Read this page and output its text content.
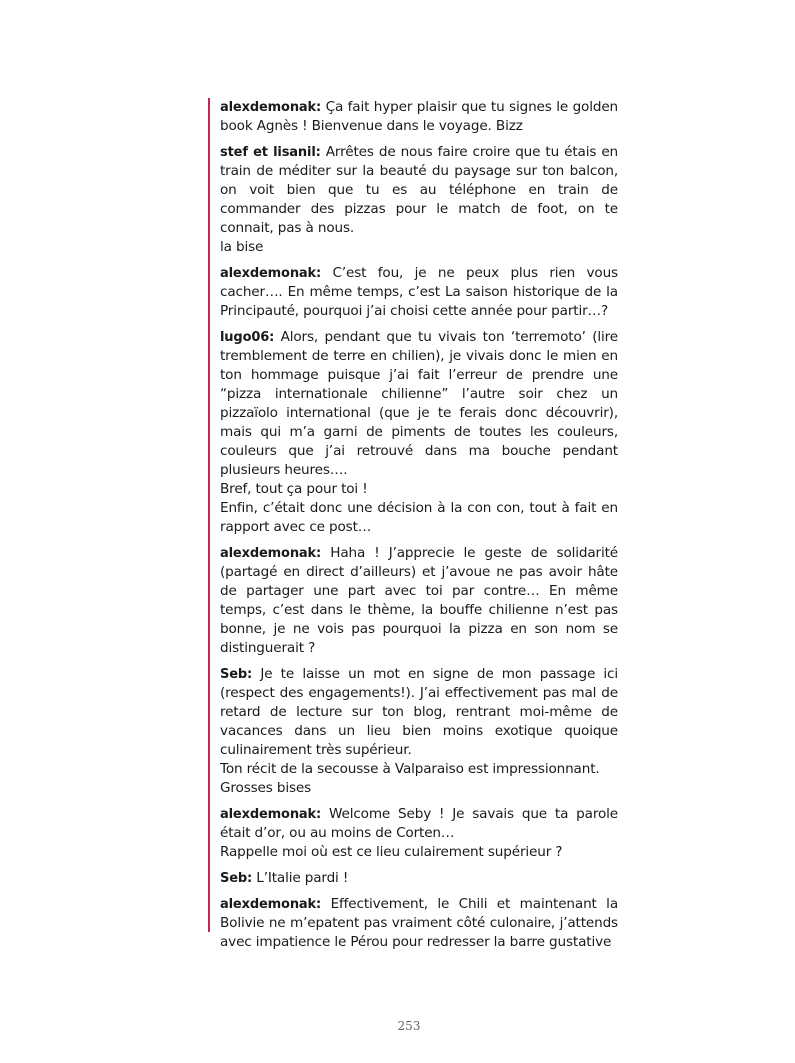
alexdemonak: Ça fait hyper plaisir que tu signes le golden book Agnès ! Bienvenue dans le voyage. Bizz

stef et lisanil: Arrêtes de nous faire croire que tu étais en train de méditer sur la beauté du paysage sur ton balcon, on voit bien que tu es au téléphone en train de commander des pizzas pour le match de foot, on te connait, pas à nous.

la bise

alexdemonak: C’est fou, je ne peux plus rien vous cacher…. En même temps, c’est La saison historique de la Principauté, pourquoi j’ai choisi cette année pour partir…?

lugo06: Alors, pendant que tu vivais ton ‘terremoto’ (lire tremblement de terre en chilien), je vivais donc le mien en ton hommage puisque j’ai fait l’erreur de prendre une “pizza internationale chilienne” l’autre soir chez un pizzaïolo international (que je te ferais donc découvrir), mais qui m’a garni de piments de toutes les couleurs, couleurs que j’ai retrouvé dans ma bouche pendant plusieurs heures….

Bref, tout ça pour toi !

Enfin, c’était donc une décision à la con con, tout à fait en rapport avec ce post…

alexdemonak: Haha ! J’apprecie le geste de solidarité (partagé en direct d’ailleurs) et j’avoue ne pas avoir hâte de partager une part avec toi par contre… En même temps, c’est dans le thème, la bouffe chilienne n’est pas bonne, je ne vois pas pourquoi la pizza en son nom se distinguerait ?

Seb: Je te laisse un mot en signe de mon passage ici (respect des engagements!). J’ai effectivement pas mal de retard de lecture sur ton blog, rentrant moi-même de vacances dans un lieu bien moins exotique quoique culinairement très supérieur.

Ton récit de la secousse à Valparaiso est impressionnant.

Grosses bises

alexdemonak: Welcome Seby ! Je savais que ta parole était d’or, ou au moins de Corten…

Rappelle moi où est ce lieu culairement supérieur ?

Seb: L’Italie pardi !

alexdemonak: Effectivement, le Chili et maintenant la Bolivie ne m’epatent pas vraiment côté culonaire, j’attends avec impatience le Pérou pour redresser la barre gustative

253
